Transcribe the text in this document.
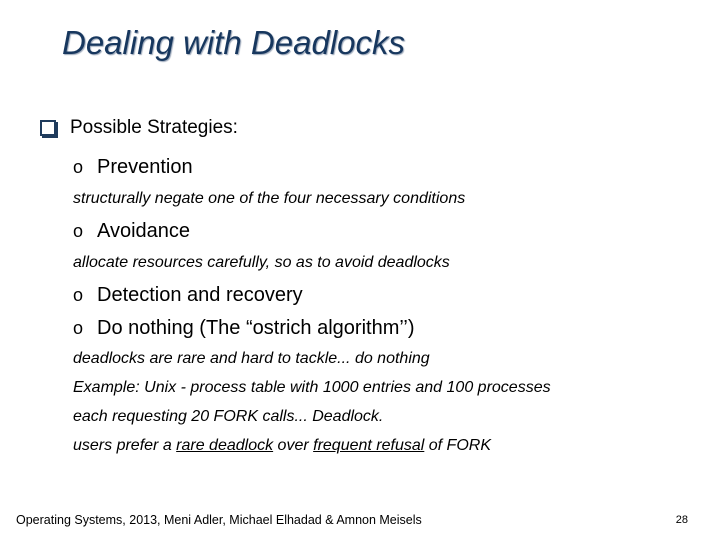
Dealing with Deadlocks
Possible Strategies:
o Prevention
structurally negate one of the four necessary conditions
o Avoidance
allocate resources carefully, so as to avoid deadlocks
o Detection and recovery
o Do nothing (The “ostrich algorithm’’)
deadlocks are rare and hard to tackle... do nothing
Example: Unix - process table with 1000 entries and 100 processes
each requesting 20 FORK calls... Deadlock.
users prefer a rare deadlock over frequent refusal of FORK
Operating Systems, 2013, Meni Adler, Michael Elhadad & Amnon Meisels	28
